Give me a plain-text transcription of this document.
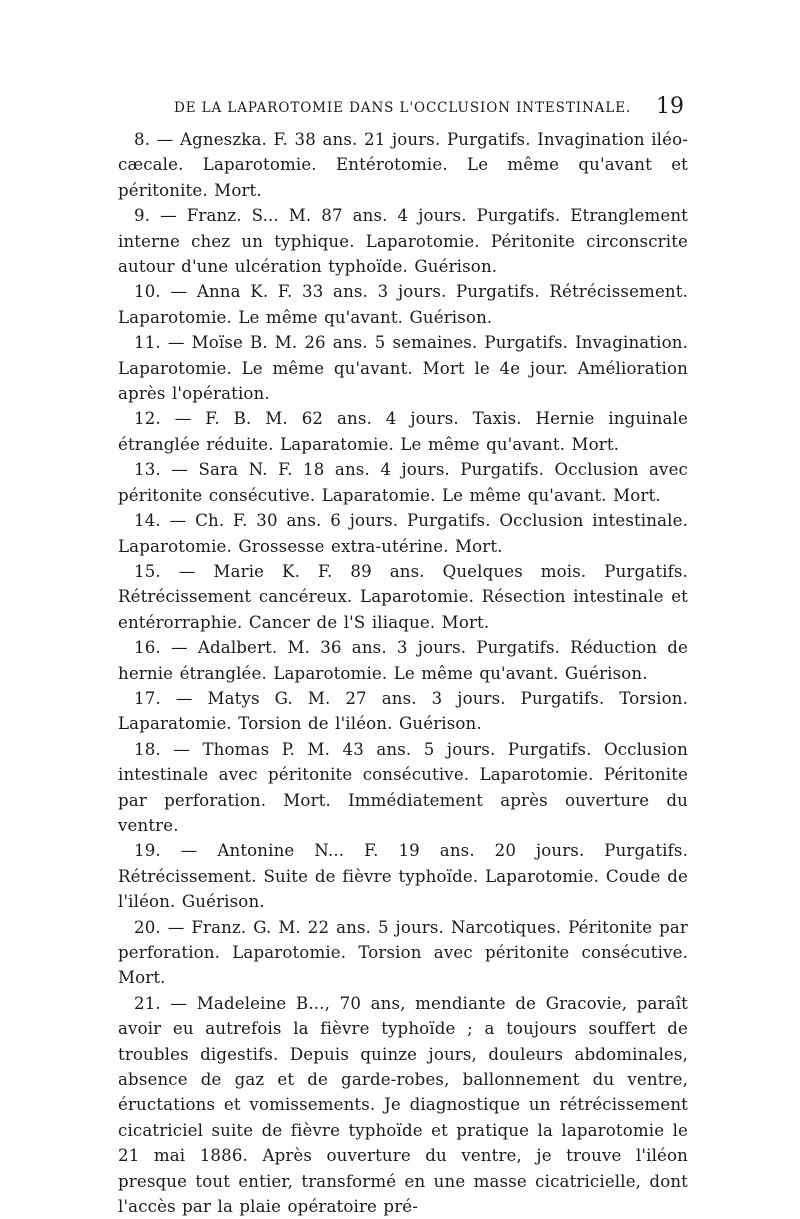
DE LA LAPAROTOMIE DANS L'OCCLUSION INTESTINALE. 19

8. — Agneszka. F. 38 ans. 21 jours. Purgatifs. Invagination iléo-cæcale. Laparotomie. Entérotomie. Le même qu'avant et péritonite. Mort.

9. — Franz. S... M. 87 ans. 4 jours. Purgatifs. Etranglement interne chez un typhique. Laparotomie. Péritonite circonscrite autour d'une ulcération typhoïde. Guérison.

10. — Anna K. F. 33 ans. 3 jours. Purgatifs. Rétrécissement. Laparotomie. Le même qu'avant. Guérison.

11. — Moïse B. M. 26 ans. 5 semaines. Purgatifs. Invagination. Laparotomie. Le même qu'avant. Mort le 4e jour. Amélioration après l'opération.

12. — F. B. M. 62 ans. 4 jours. Taxis. Hernie inguinale étranglée réduite. Laparatomie. Le même qu'avant. Mort.

13. — Sara N. F. 18 ans. 4 jours. Purgatifs. Occlusion avec péritonite consécutive. Laparatomie. Le même qu'avant. Mort.

14. — Ch. F. 30 ans. 6 jours. Purgatifs. Occlusion intestinale. Laparotomie. Grossesse extra-utérine. Mort.

15. — Marie K. F. 89 ans. Quelques mois. Purgatifs. Rétrécissement cancéreux. Laparotomie. Résection intestinale et entérorraphie. Cancer de l'S iliaque. Mort.

16. — Adalbert. M. 36 ans. 3 jours. Purgatifs. Réduction de hernie étranglée. Laparotomie. Le même qu'avant. Guérison.

17. — Matys G. M. 27 ans. 3 jours. Purgatifs. Torsion. Laparatomie. Torsion de l'iléon. Guérison.

18. — Thomas P. M. 43 ans. 5 jours. Purgatifs. Occlusion intestinale avec péritonite consécutive. Laparotomie. Péritonite par perforation. Mort. Immédiatement après ouverture du ventre.

19. — Antonine N... F. 19 ans. 20 jours. Purgatifs. Rétrécissement. Suite de fièvre typhoïde. Laparotomie. Coude de l'iléon. Guérison.

20. — Franz. G. M. 22 ans. 5 jours. Narcotiques. Péritonite par perforation. Laparotomie. Torsion avec péritonite consécutive. Mort.

21. — Madeleine B..., 70 ans, mendiante de Gracovie, paraît avoir eu autrefois la fièvre typhoïde ; a toujours souffert de troubles digestifs. Depuis quinze jours, douleurs abdominales, absence de gaz et de garde-robes, ballonnement du ventre, éructations et vomissements. Je diagnostique un rétrécissement cicatriciel suite de fièvre typhoïde et pratique la laparotomie le 21 mai 1886. Après ouverture du ventre, je trouve l'iléon presque tout entier, transformé en une masse cicatricielle, dont l'accès par la plaie opératoire pré-
